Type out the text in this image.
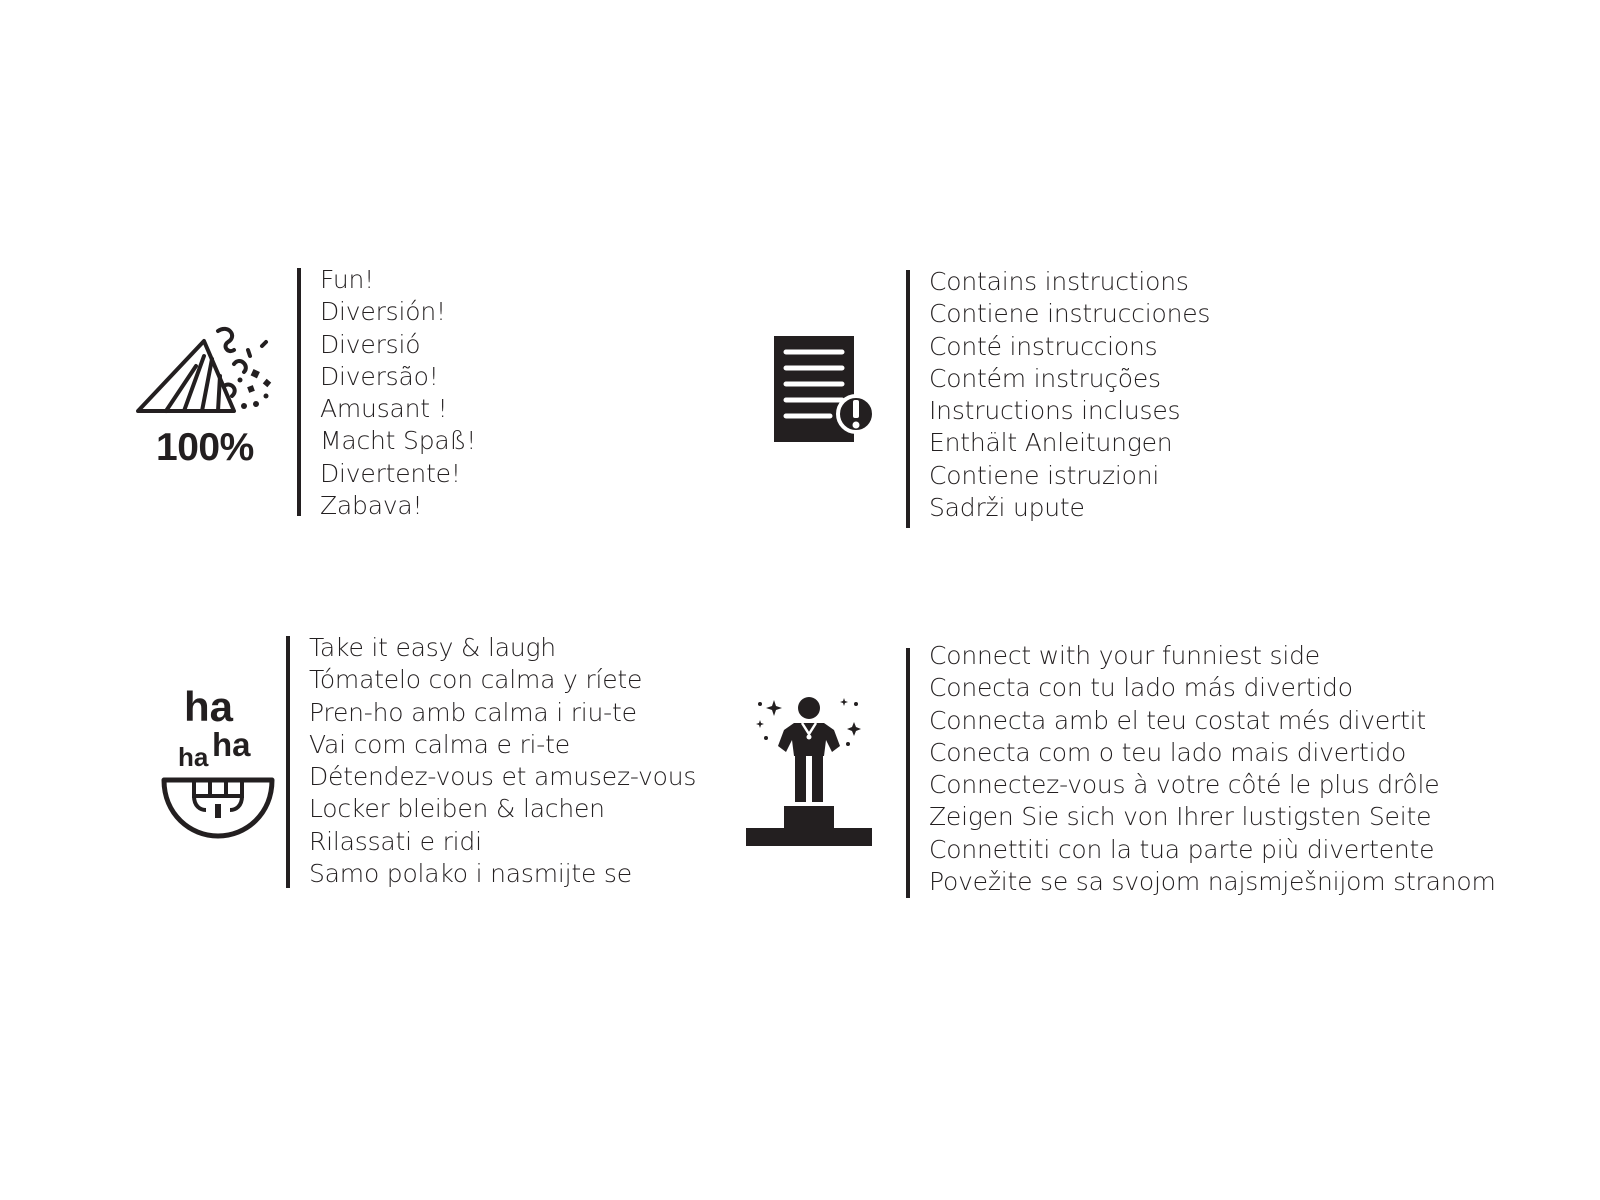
100%
Fun!
Diversión!
Diversió
Diversão!
Amusant !
Macht Spaß!
Divertente!
Zabava!
Contains instructions
Contiene instrucciones
Conté instruccions
Contém instruções
Instructions incluses
Enthält Anleitungen
Contiene istruzioni
Sadrži upute
ha
ha
ha
Take it easy & laugh
Tómatelo con calma y ríete
Pren-ho amb calma i riu-te
Vai com calma e ri-te
Détendez-vous et amusez-vous
Locker bleiben & lachen
Rilassati e ridi
Samo polako i nasmijte se
Connect with your funniest side
Conecta con tu lado más divertido
Connecta amb el teu costat més divertit
Conecta com o teu lado mais divertido
Connectez-vous à votre côté le plus drôle
Zeigen Sie sich von Ihrer lustigsten Seite
Connettiti con la tua parte più divertente
Povežite se sa svojom najsmješnijom stranom
